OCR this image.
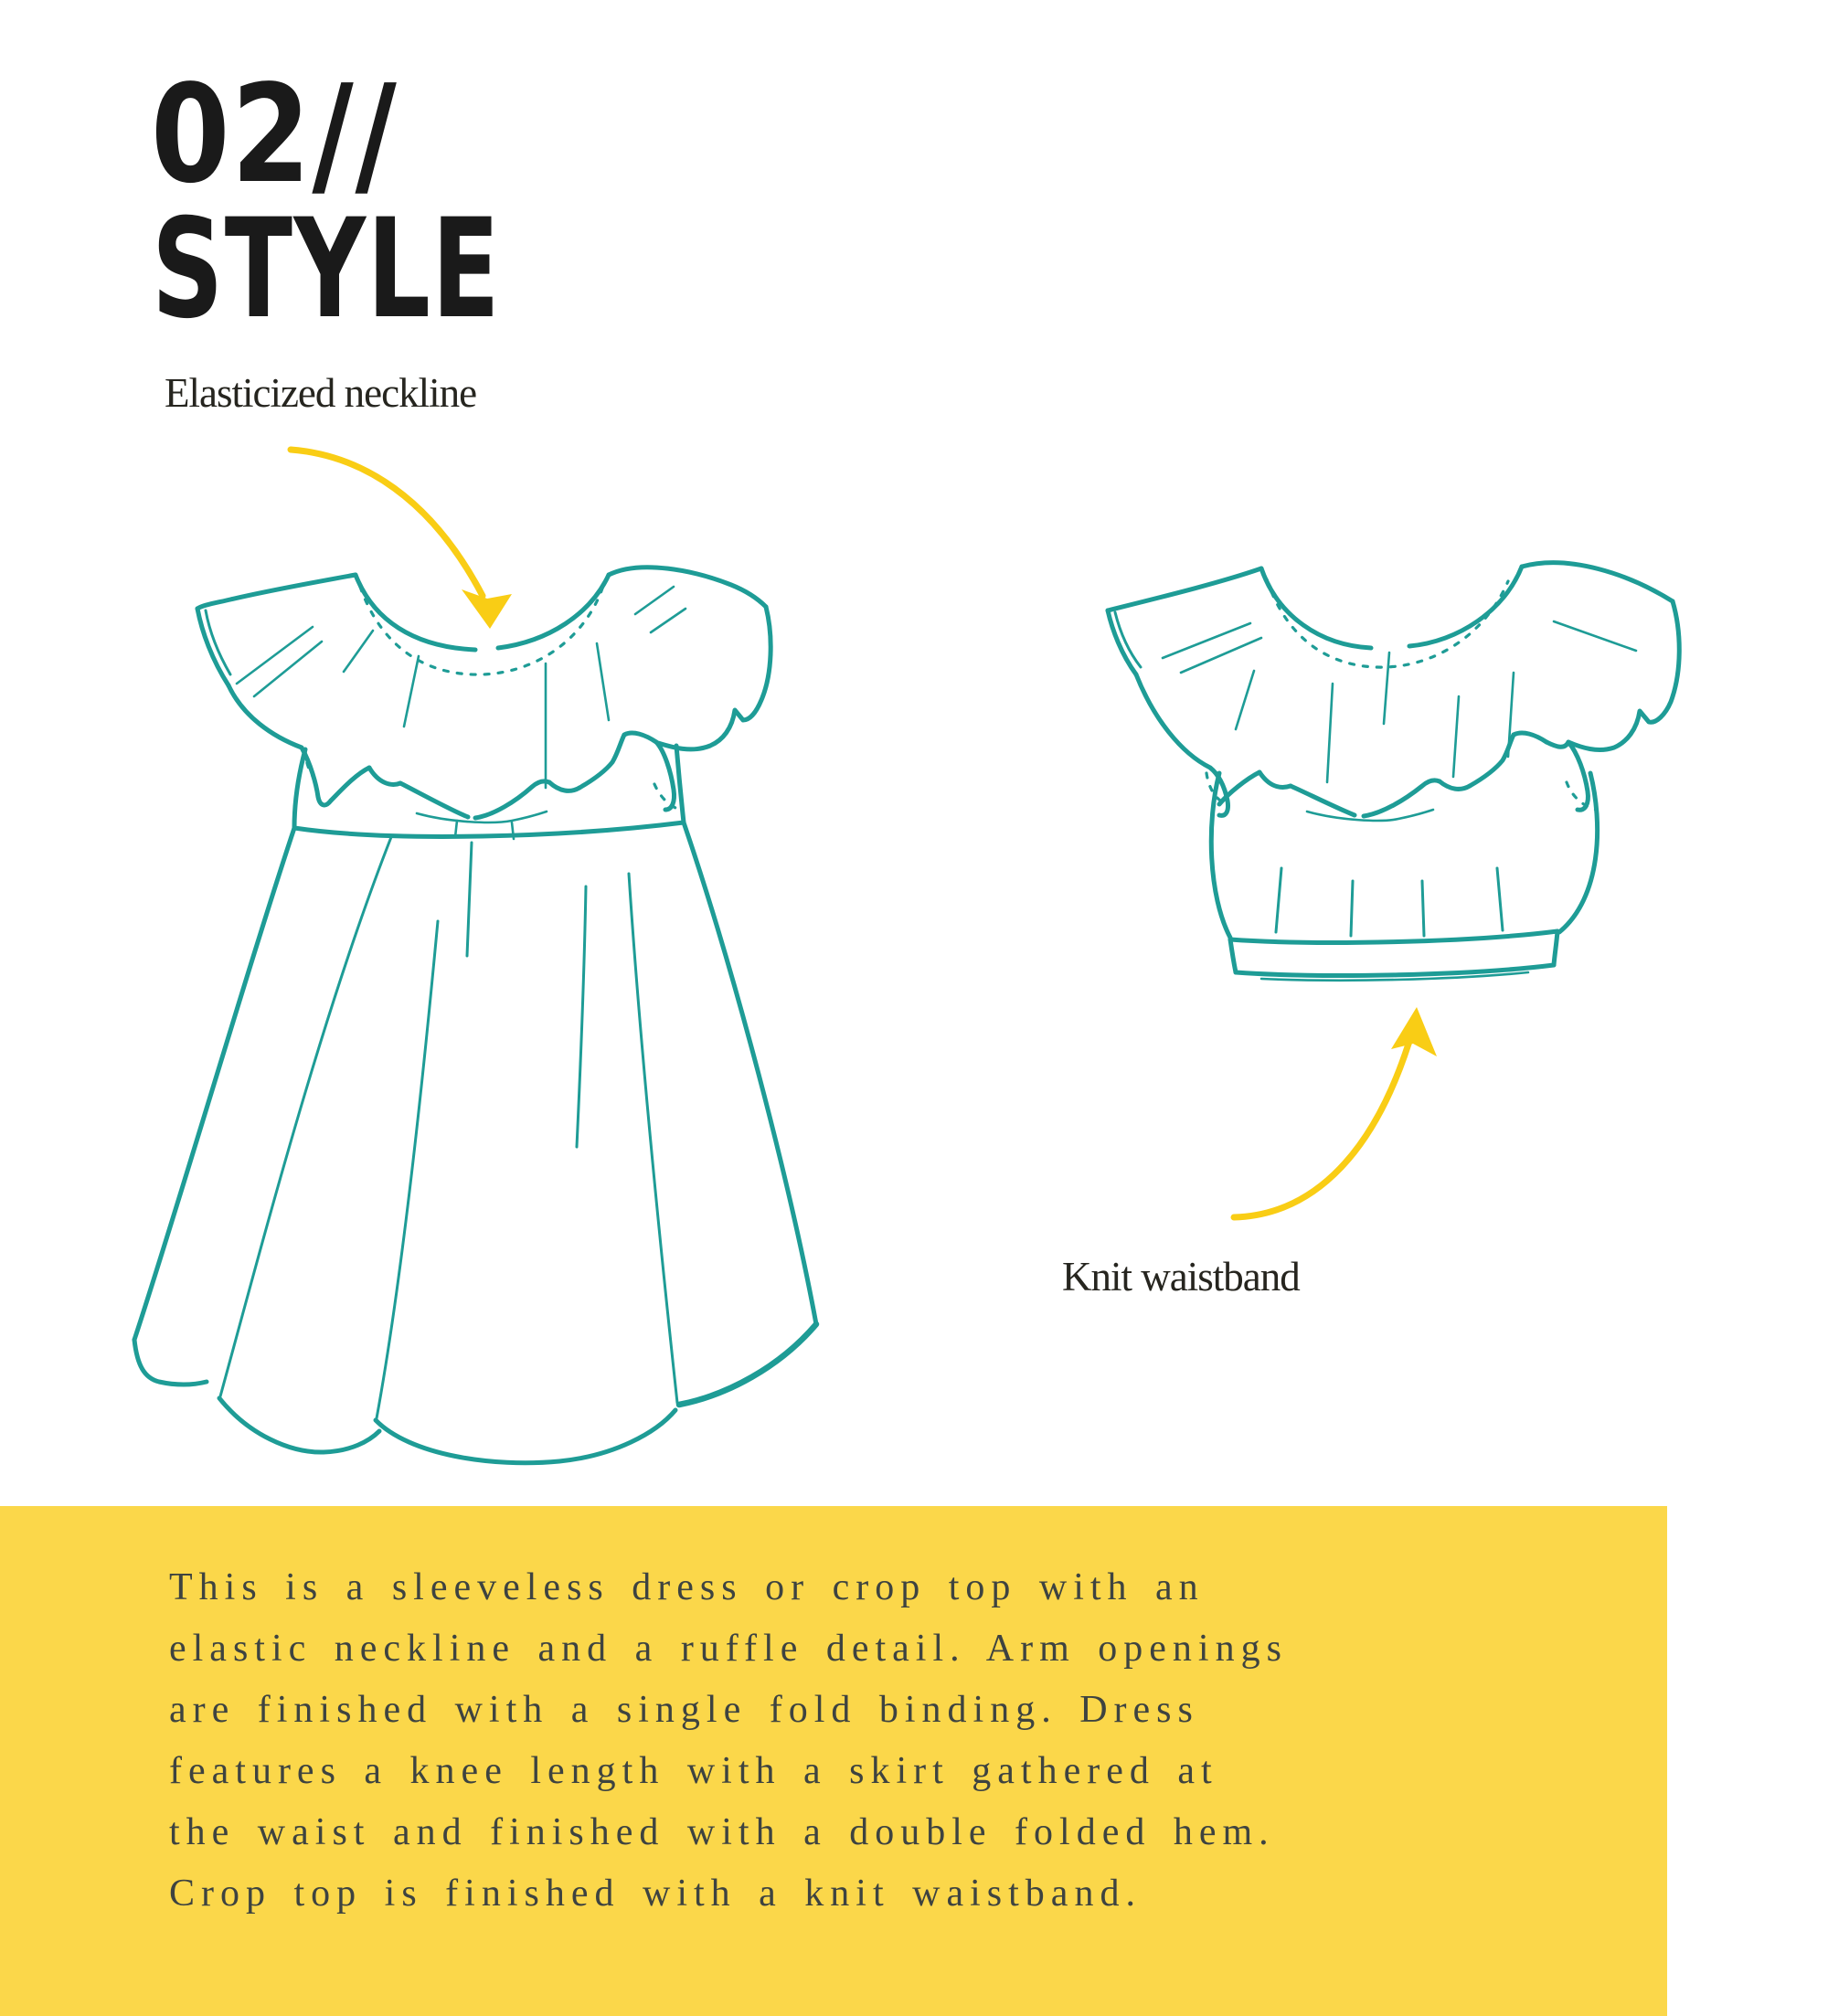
02//
STYLE
Elasticized neckline
Knit waistband

This is a sleeveless dress or crop top with an

elastic neckline and a ruffle detail. Arm openings

are finished with a single fold binding. Dress

features a knee length with a skirt gathered at

the waist and finished with a double folded hem.

Crop top is finished with a knit waistband.
